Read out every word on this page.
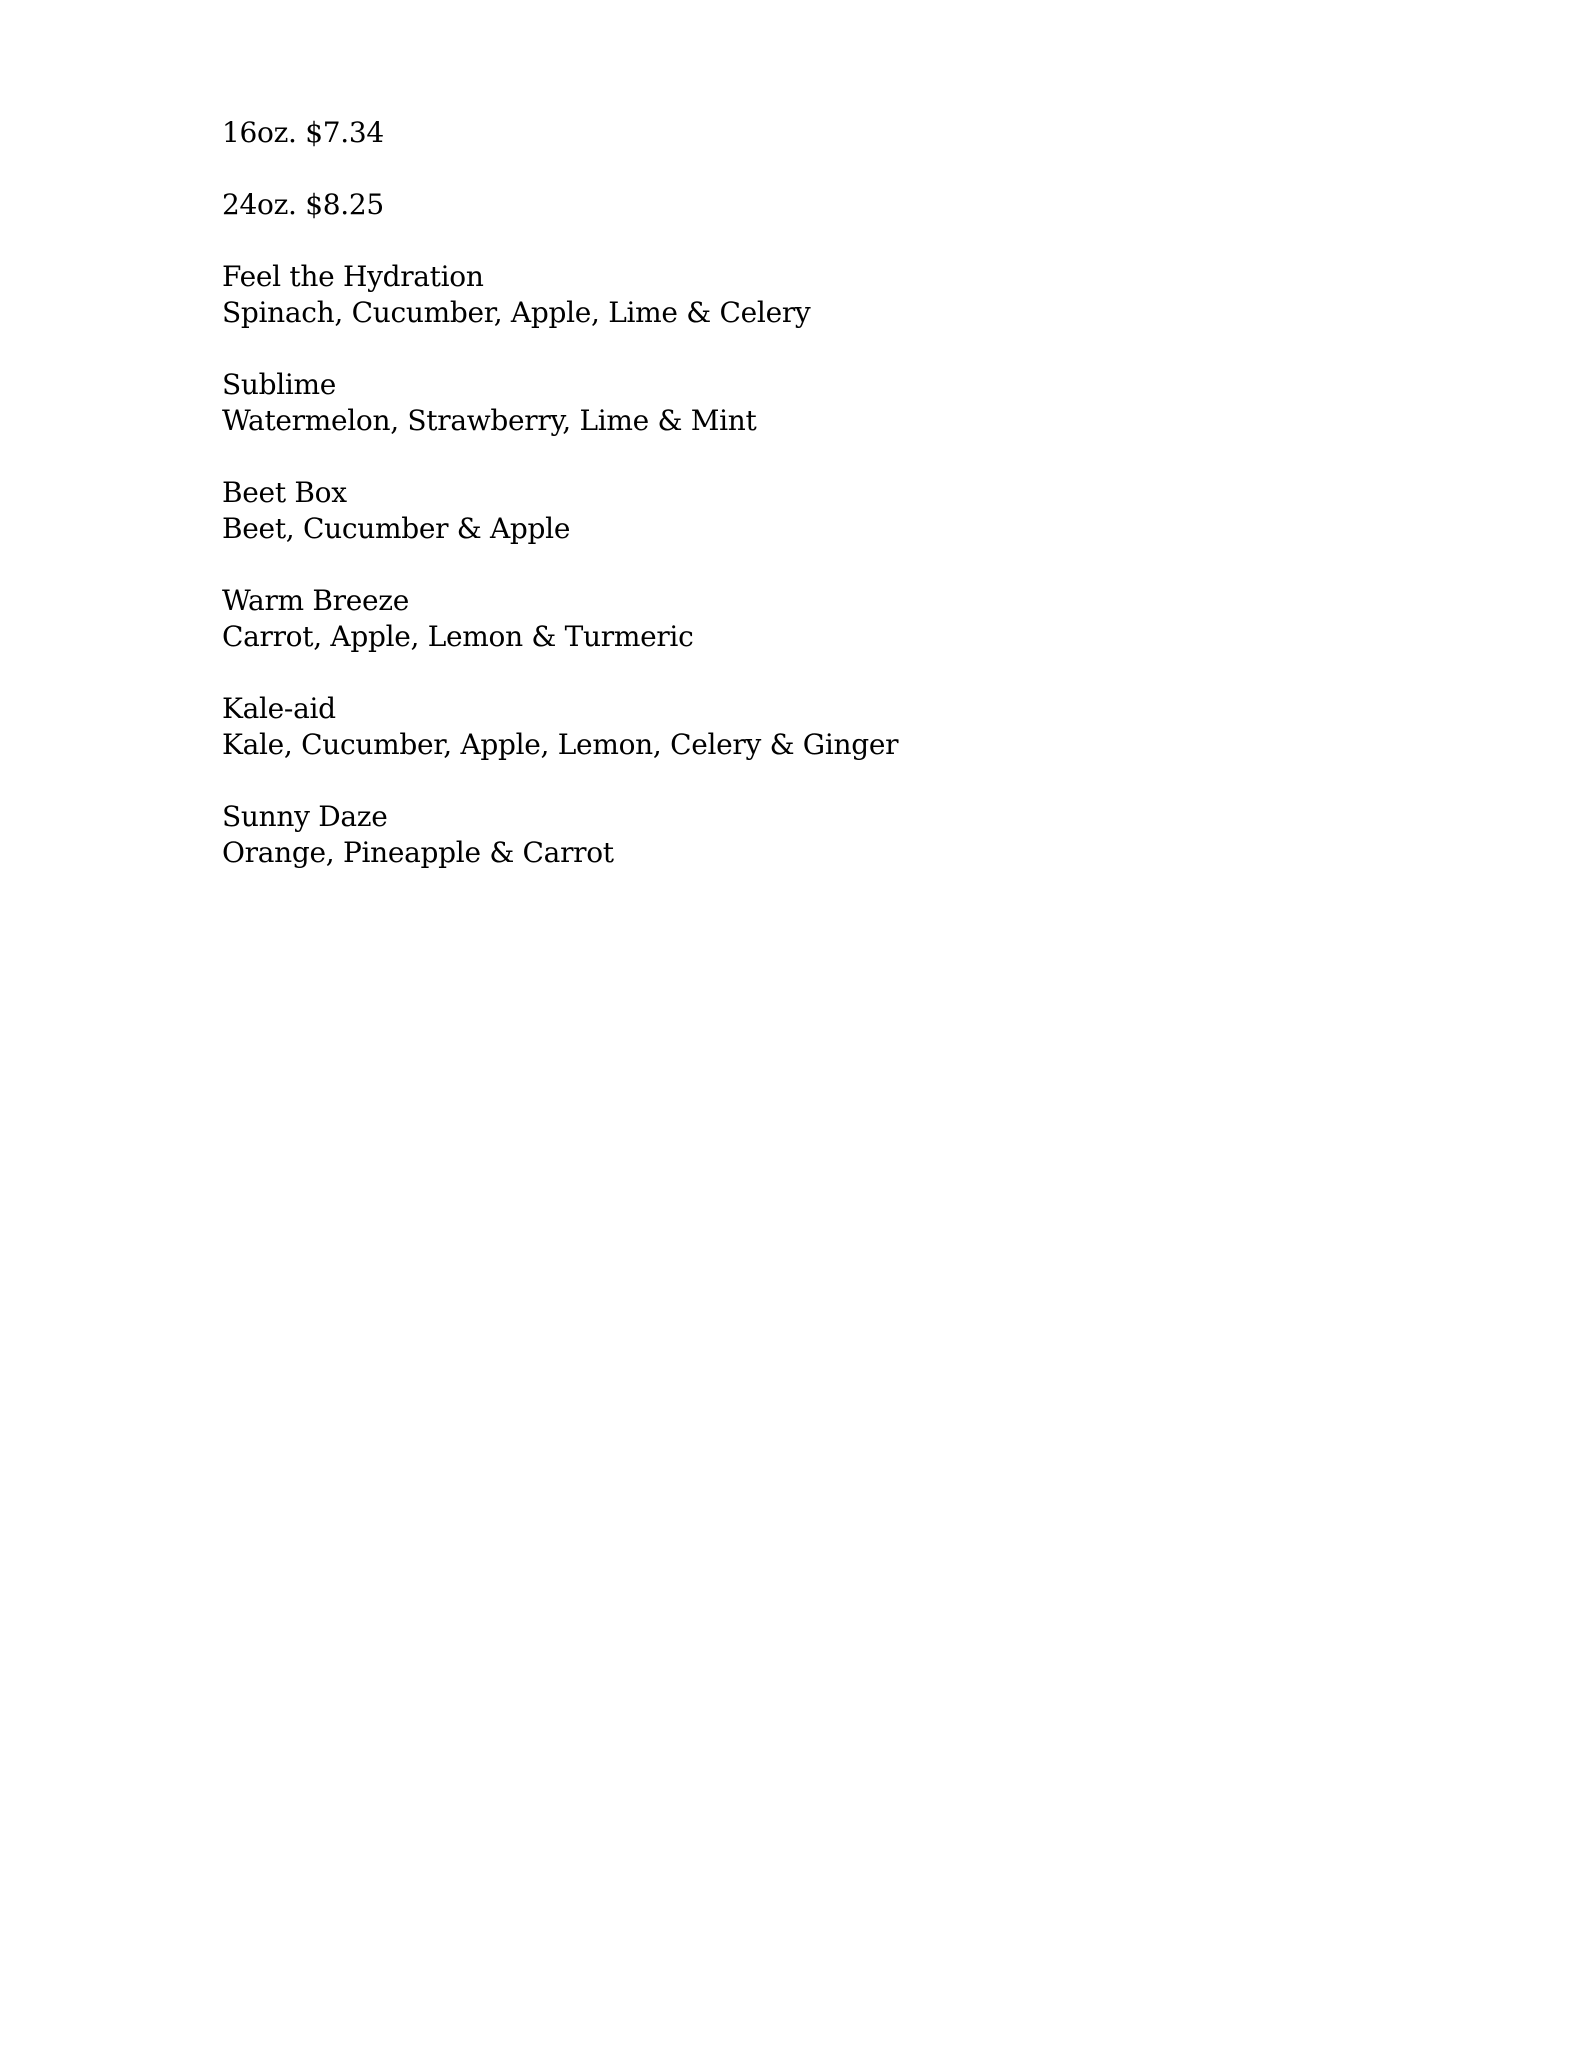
16oz. $7.34

24oz. $8.25

Feel the Hydration

Spinach, Cucumber, Apple, Lime & Celery

Sublime

Watermelon, Strawberry, Lime & Mint

Beet Box

Beet, Cucumber & Apple

Warm Breeze

Carrot, Apple, Lemon & Turmeric

Kale-aid

Kale, Cucumber, Apple, Lemon, Celery & Ginger

Sunny Daze

Orange, Pineapple & Carrot
